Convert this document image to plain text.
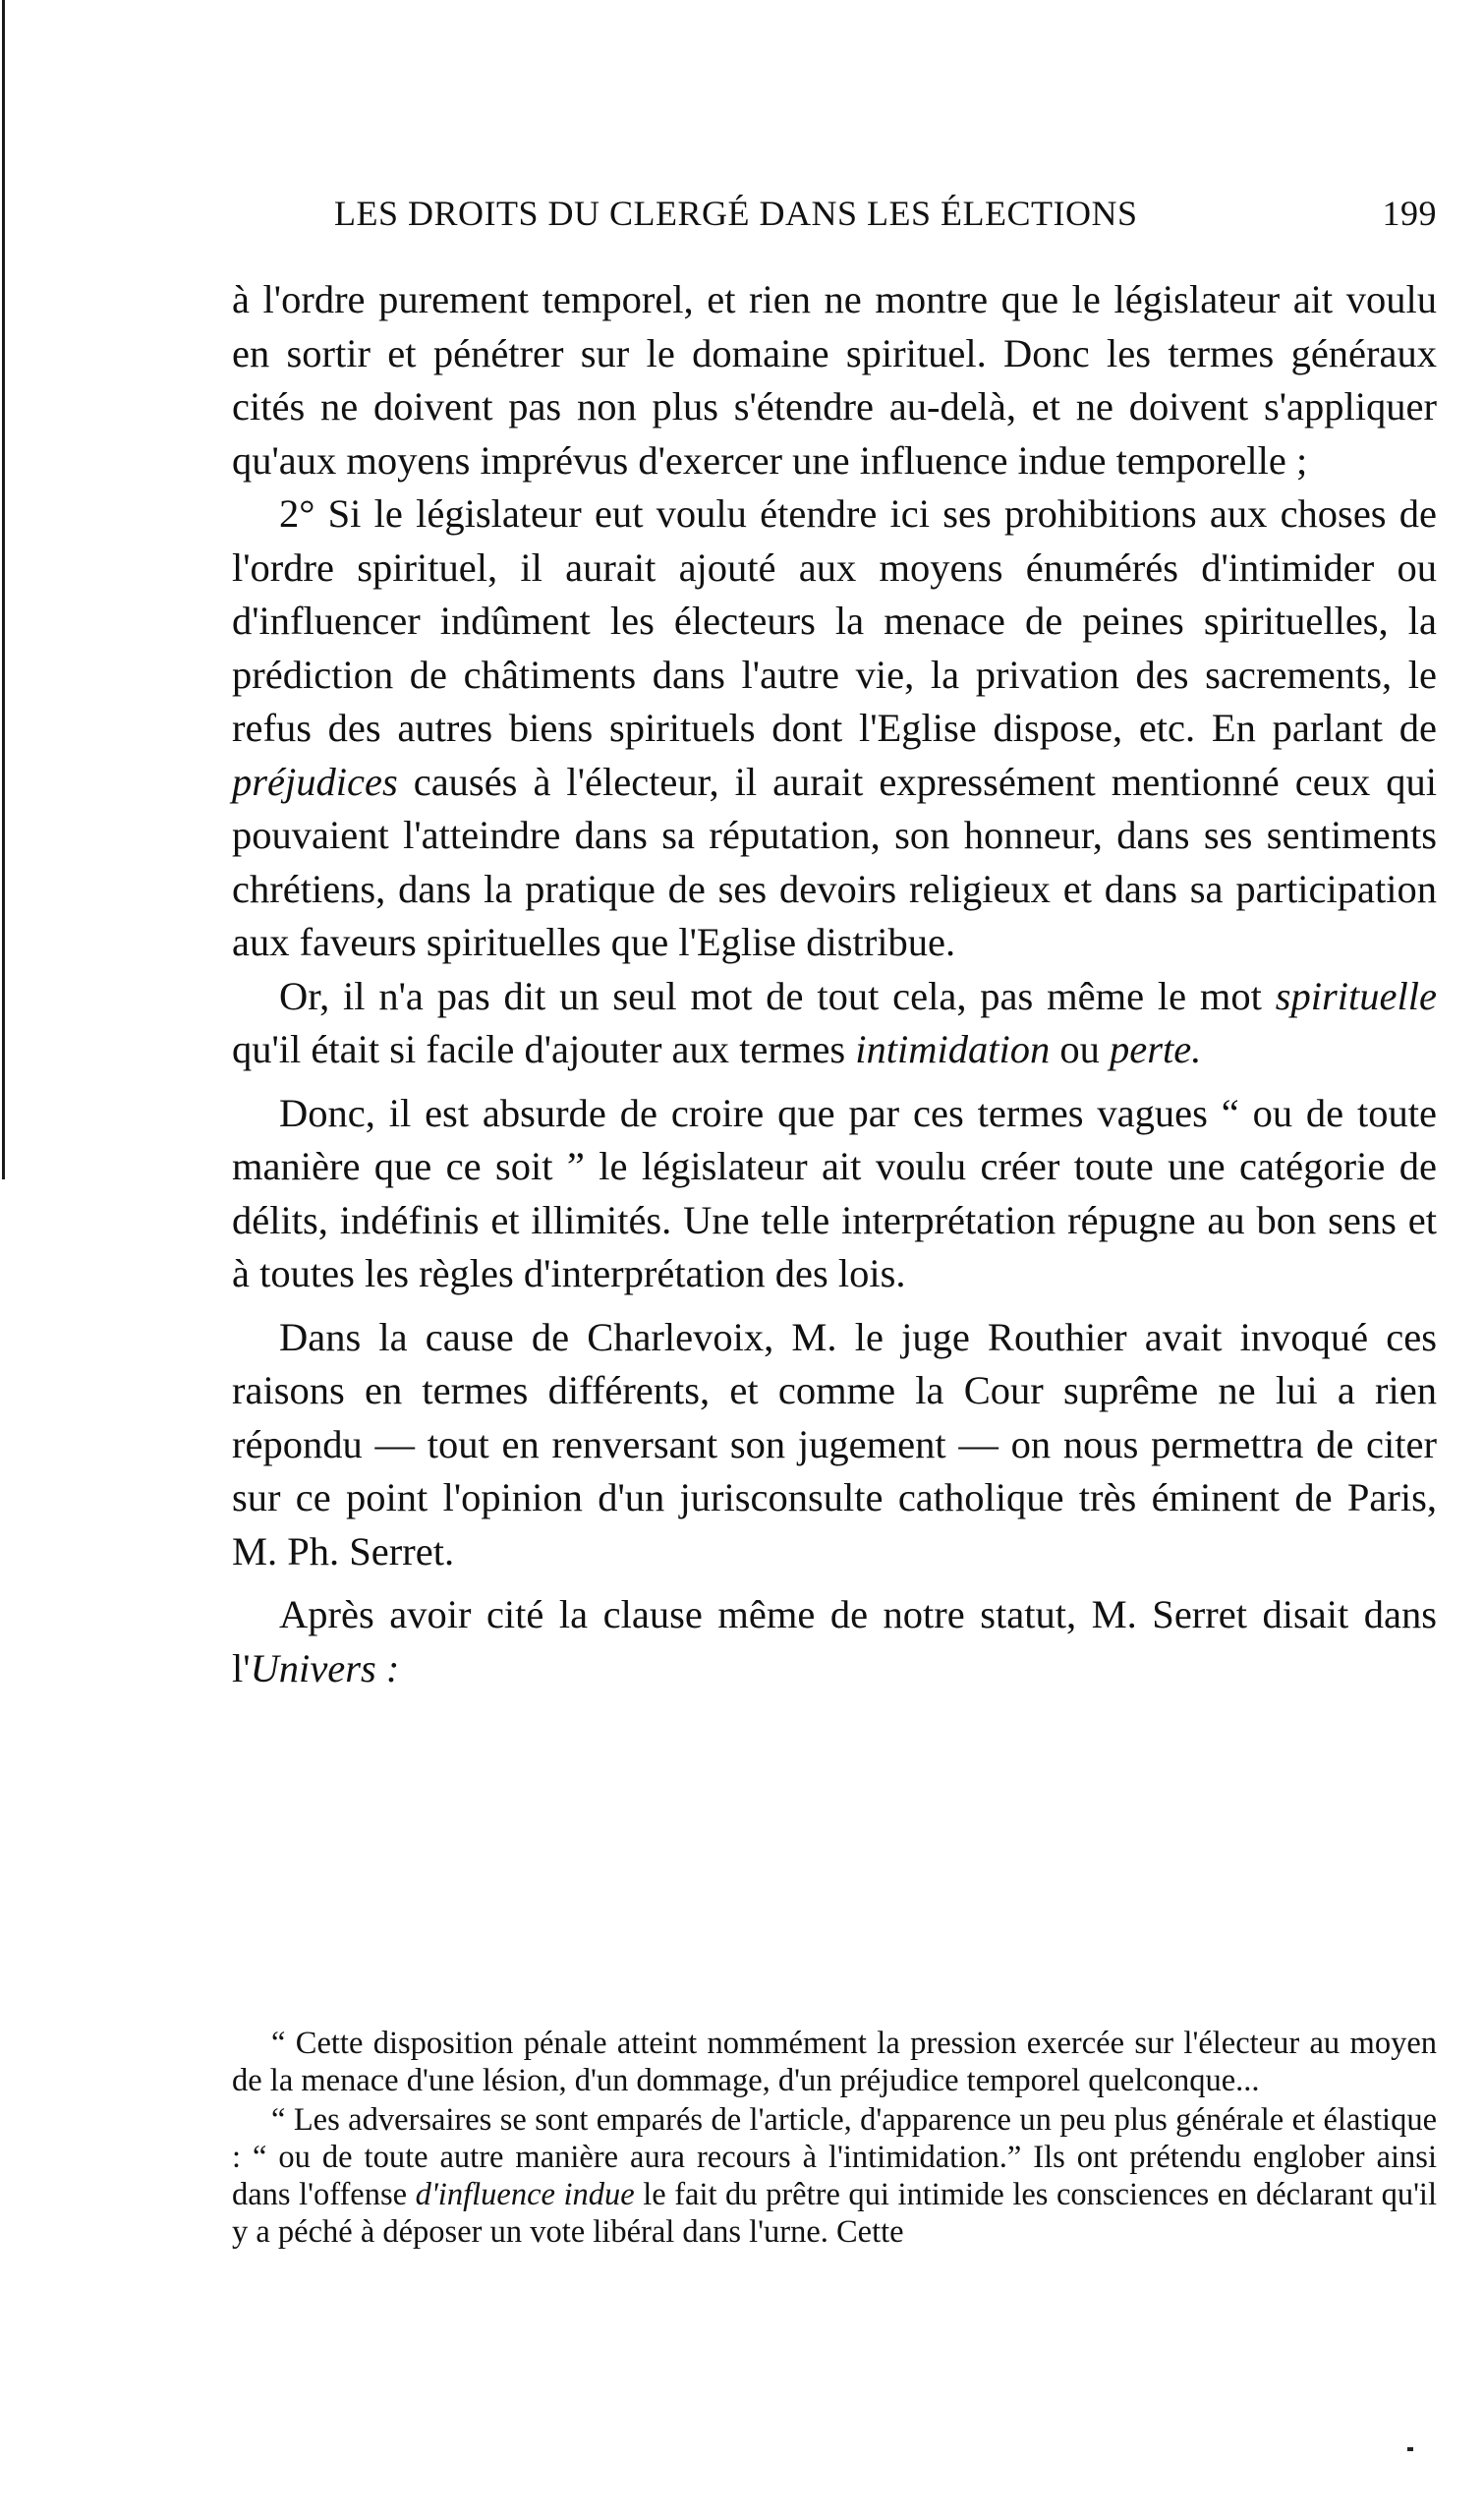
LES DROITS DU CLERGÉ DANS LES ÉLECTIONS	199

à l'ordre purement temporel, et rien ne montre que le législateur ait voulu en sortir et pénétrer sur le domaine spirituel. Donc les termes généraux cités ne doivent pas non plus s'étendre au-delà, et ne doivent s'appliquer qu'aux moyens imprévus d'exercer une influence indue temporelle ;

2° Si le législateur eut voulu étendre ici ses prohibitions aux choses de l'ordre spirituel, il aurait ajouté aux moyens énumérés d'intimider ou d'influencer indûment les électeurs la menace de peines spirituelles, la prédiction de châtiments dans l'autre vie, la privation des sacrements, le refus des autres biens spirituels dont l'Eglise dispose, etc. En parlant de préjudices causés à l'électeur, il aurait expressément mentionné ceux qui pouvaient l'atteindre dans sa réputation, son honneur, dans ses sentiments chrétiens, dans la pratique de ses devoirs religieux et dans sa participation aux faveurs spirituelles que l'Eglise distribue.

Or, il n'a pas dit un seul mot de tout cela, pas même le mot spirituelle qu'il était si facile d'ajouter aux termes intimidation ou perte.

Donc, il est absurde de croire que par ces termes vagues “ ou de toute manière que ce soit ” le législateur ait voulu créer toute une catégorie de délits, indéfinis et illimités. Une telle interprétation répugne au bon sens et à toutes les règles d'interprétation des lois.

Dans la cause de Charlevoix, M. le juge Routhier avait invoqué ces raisons en termes différents, et comme la Cour suprême ne lui a rien répondu — tout en renversant son jugement — on nous permettra de citer sur ce point l'opinion d'un jurisconsulte catholique très éminent de Paris, M. Ph. Serret.

Après avoir cité la clause même de notre statut, M. Serret disait dans l'Univers :

“ Cette disposition pénale atteint nommément la pression exercée sur l'électeur au moyen de la menace d'une lésion, d'un dommage, d'un préjudice temporel quelconque...

“ Les adversaires se sont emparés de l'article, d'apparence un peu plus générale et élastique : “ ou de toute autre manière aura recours à l'intimidation.” Ils ont prétendu englober ainsi dans l'offense d'influence indue le fait du prêtre qui intimide les consciences en déclarant qu'il y a péché à déposer un vote libéral dans l'urne. Cette
